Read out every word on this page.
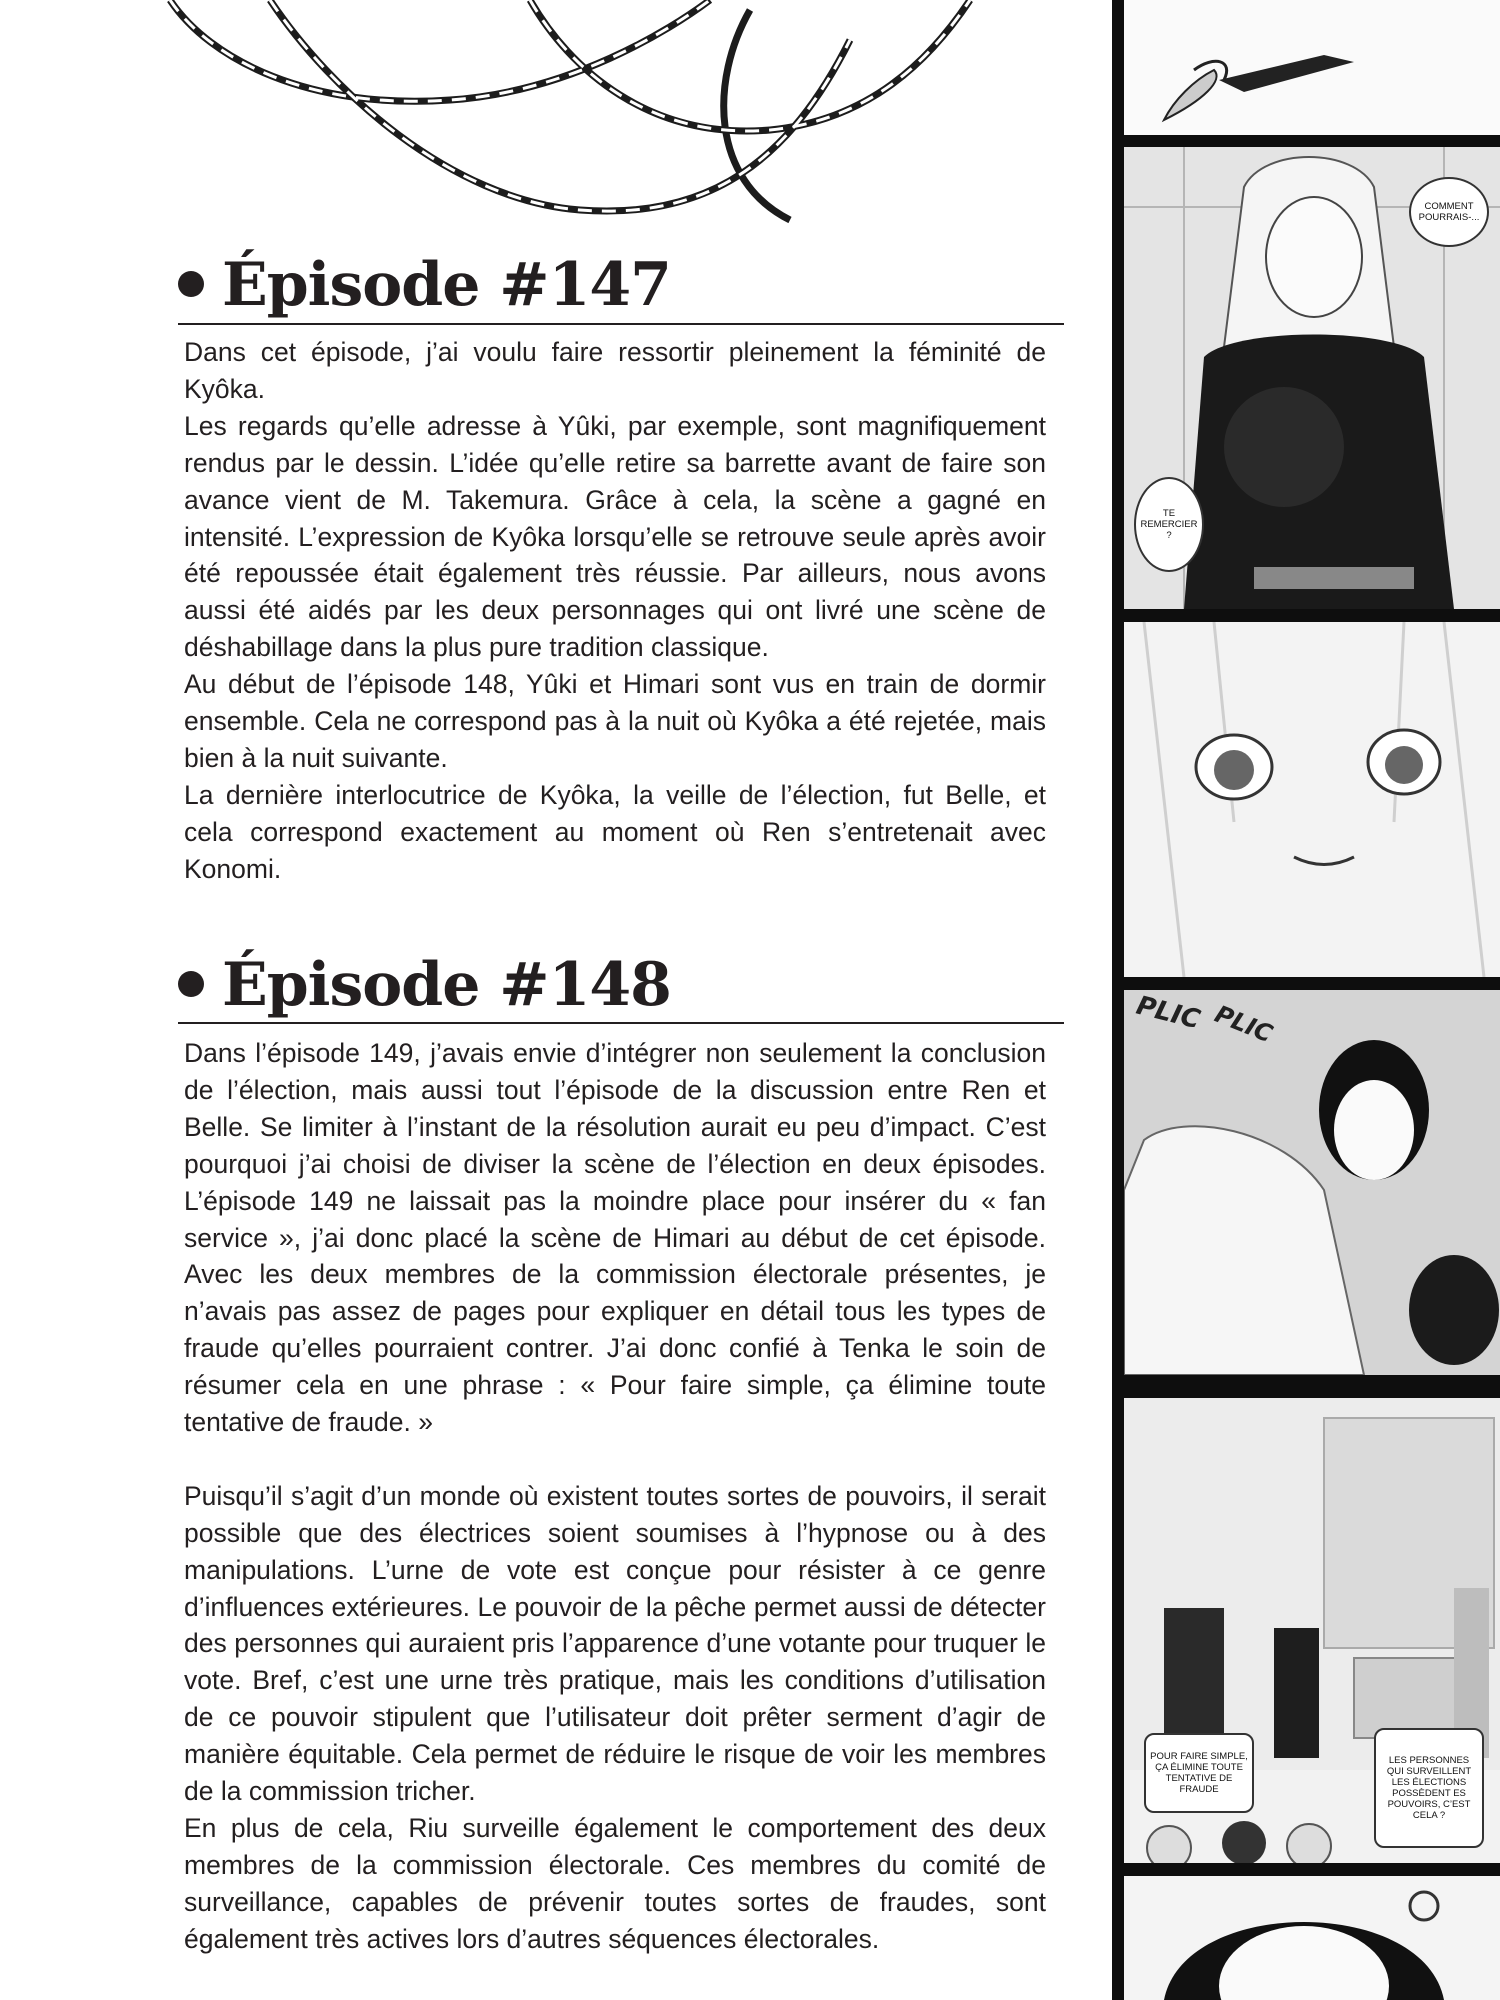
Épisode #147

Dans cet épisode, j’ai voulu faire ressortir pleinement la féminité de Kyôka.

Les regards qu’elle adresse à Yûki, par exemple, sont magnifiquement rendus par le dessin. L’idée qu’elle retire sa barrette avant de faire son avance vient de M. Takemura. Grâce à cela, la scène a gagné en intensité. L’expression de Kyôka lorsqu’elle se retrouve seule après avoir été repoussée était également très réussie. Par ailleurs, nous avons aussi été aidés par les deux personnages qui ont livré une scène de déshabillage dans la plus pure tradition classique.

Au début de l’épisode 148, Yûki et Himari sont vus en train de dormir ensemble. Cela ne correspond pas à la nuit où Kyôka a été rejetée, mais bien à la nuit suivante.

La dernière interlocutrice de Kyôka, la veille de l’élection, fut Belle, et cela correspond exactement au moment où Ren s’entretenait avec Konomi.

Épisode #148

Dans l’épisode 149, j’avais envie d’intégrer non seulement la conclusion de l’élection, mais aussi tout l’épisode de la discussion entre Ren et Belle. Se limiter à l’instant de la résolution aurait eu peu d’impact. C’est pourquoi j’ai choisi de diviser la scène de l’élection en deux épisodes. L’épisode 149 ne laissait pas la moindre place pour insérer du « fan service », j’ai donc placé la scène de Himari au début de cet épisode. Avec les deux membres de la commission électorale présentes, je n’avais pas assez de pages pour expliquer en détail tous les types de fraude qu’elles pourraient contrer. J’ai donc confié à Tenka le soin de résumer cela en une phrase : « Pour faire simple, ça élimine toute tentative de fraude. »

Puisqu’il s’agit d’un monde où existent toutes sortes de pouvoirs, il serait possible que des électrices soient soumises à l’hypnose ou à des manipulations. L’urne de vote est conçue pour résister à ce genre d’influences extérieures. Le pouvoir de la pêche permet aussi de détecter des personnes qui auraient pris l’apparence d’une votante pour truquer le vote. Bref, c’est une urne très pratique, mais les conditions d’utilisation de ce pouvoir stipulent que l’utilisateur doit prêter serment d’agir de manière équitable. Cela permet de réduire le risque de voir les membres de la commission tricher.

En plus de cela, Riu surveille également le comportement des deux membres de la commission électorale. Ces membres du comité de surveillance, capables de prévenir toutes sortes de fraudes, sont également très actives lors d’autres séquences électorales.

COMMENT POURRAIS-...
TE REMERCIER ?
PLIC PLIC
POUR FAIRE SIMPLE, ÇA ÉLIMINE TOUTE TENTATIVE DE FRAUDE
LES PERSONNES QUI SURVEILLENT LES ÉLECTIONS POSSÈDENT ES POUVOIRS, C’EST CELA ?
